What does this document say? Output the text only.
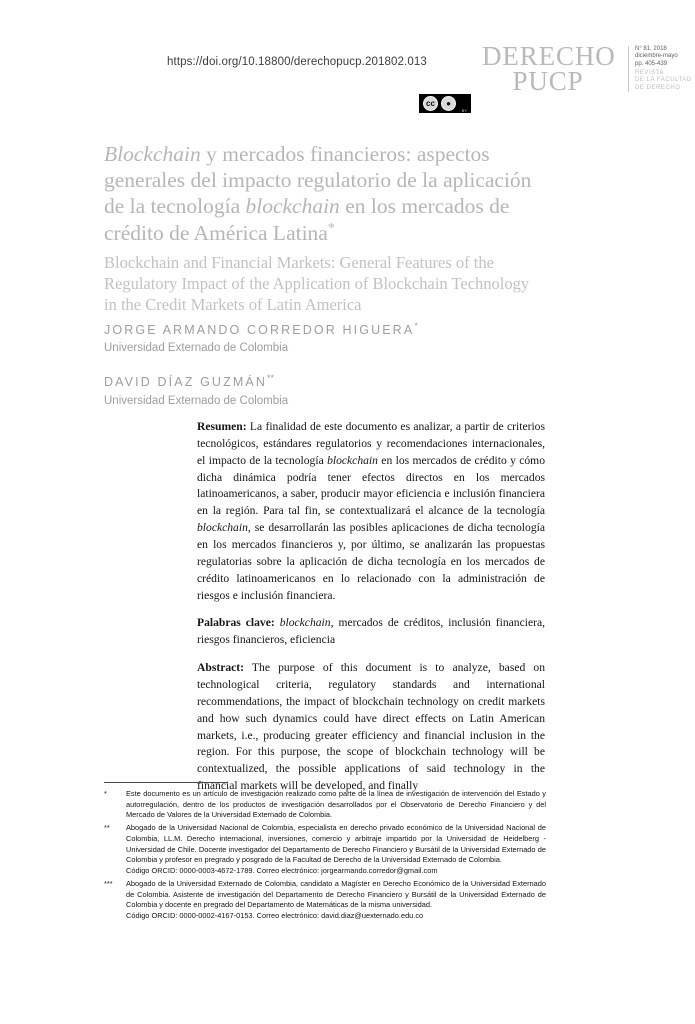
https://doi.org/10.18800/derechopucp.201802.013
cc	●
BY
DERECHO
PUCP
N° 81, 2018
diciembre-mayo
pp. 405-439
REVISTA
DE LA FACULTAD
DE DERECHO
Blockchain y mercados financieros: aspectos generales del impacto regulatorio de la aplicación de la tecnología blockchain en los mercados de crédito de América Latina*
Blockchain and Financial Markets: General Features of the Regulatory Impact of the Application of Blockchain Technology in the Credit Markets of Latin America
JORGE ARMANDO CORREDOR HIGUERA*
Universidad Externado de Colombia
DAVID DÍAZ GUZMÁN**
Universidad Externado de Colombia

Resumen: La finalidad de este documento es analizar, a partir de criterios tecnológicos, estándares regulatorios y recomendaciones internacionales, el impacto de la tecnología blockchain en los mercados de crédito y cómo dicha dinámica podría tener efectos directos en los mercados latinoamericanos, a saber, producir mayor eficiencia e inclusión financiera en la región. Para tal fin, se contextualizará el alcance de la tecnología blockchain, se desarrollarán las posibles aplicaciones de dicha tecnología en los mercados financieros y, por último, se analizarán las propuestas regulatorias sobre la aplicación de dicha tecnología en los mercados de crédito latinoamericanos en lo relacionado con la administración de riesgos e inclusión financiera.

Palabras clave: blockchain, mercados de créditos, inclusión financiera, riesgos financieros, eficiencia

Abstract: The purpose of this document is to analyze, based on technological criteria, regulatory standards and international recommendations, the impact of blockchain technology on credit markets and how such dynamics could have direct effects on Latin American markets, i.e., producing greater efficiency and financial inclusion in the region. For this purpose, the scope of blockchain technology will be contextualized, the possible applications of said technology in the financial markets will be developed, and finally

*	Este documento es un artículo de investigación realizado como parte de la línea de investigación de intervención del Estado y autorregulación, dentro de los productos de investigación desarrollados por el Observatorio de Derecho Financiero y del Mercado de Valores de la Universidad Externado de Colombia.
**	Abogado de la Universidad Nacional de Colombia, especialista en derecho privado económico de la Universidad Nacional de Colombia, LL.M. Derecho internacional, inversiones, comercio y arbitraje impartido por la Universidad de Heidelberg - Universidad de Chile. Docente investigador del Departamento de Derecho Financiero y Bursátil de la Universidad Externado de Colombia y profesor en pregrado y posgrado de la Facultad de Derecho de la Universidad Externado de Colombia.
Código ORCID: 0000-0003-4672-1789. Correo electrónico: jorgearmando.corredor@gmail.com
***	Abogado de la Universidad Externado de Colombia, candidato a Magíster en Derecho Económico de la Universidad Externado de Colombia. Asistente de investigación del Departamento de Derecho Financiero y Bursátil de la Universidad Externado de Colombia y docente en pregrado del Departamento de Matemáticas de la misma universidad.
Código ORCID: 0000-0002-4167-0153. Correo electrónico: david.diaz@uexternado.edu.co
